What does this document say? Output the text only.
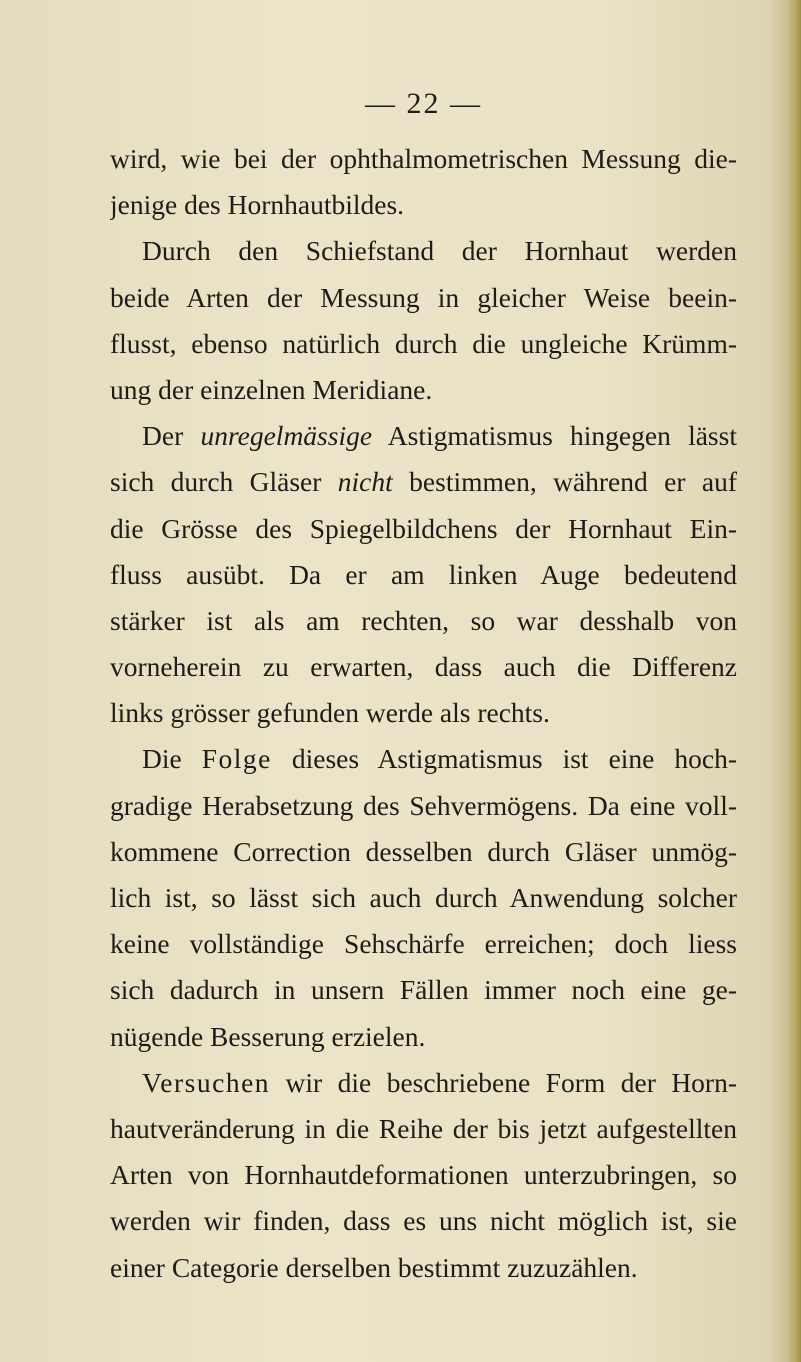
— 22 —
wird, wie bei der ophthalmometrischen Messung die-
jenige des Hornhautbildes.
Durch den Schiefstand der Hornhaut werden
beide Arten der Messung in gleicher Weise beein-
flusst, ebenso natürlich durch die ungleiche Krümm-
ung der einzelnen Meridiane.
Der unregelmässige Astigmatismus hingegen lässt
sich durch Gläser nicht bestimmen, während er auf
die Grösse des Spiegelbildchens der Hornhaut Ein-
fluss ausübt. Da er am linken Auge bedeutend
stärker ist als am rechten, so war desshalb von
vorneherein zu erwarten, dass auch die Differenz
links grösser gefunden werde als rechts.
Die Folge dieses Astigmatismus ist eine hoch-
gradige Herabsetzung des Sehvermögens. Da eine voll-
kommene Correction desselben durch Gläser unmög-
lich ist, so lässt sich auch durch Anwendung solcher
keine vollständige Sehschärfe erreichen; doch liess
sich dadurch in unsern Fällen immer noch eine ge-
nügende Besserung erzielen.
Versuchen wir die beschriebene Form der Horn-
hautveränderung in die Reihe der bis jetzt aufgestellten
Arten von Hornhautdeformationen unterzubringen, so
werden wir finden, dass es uns nicht möglich ist, sie
einer Categorie derselben bestimmt zuzuzählen.
